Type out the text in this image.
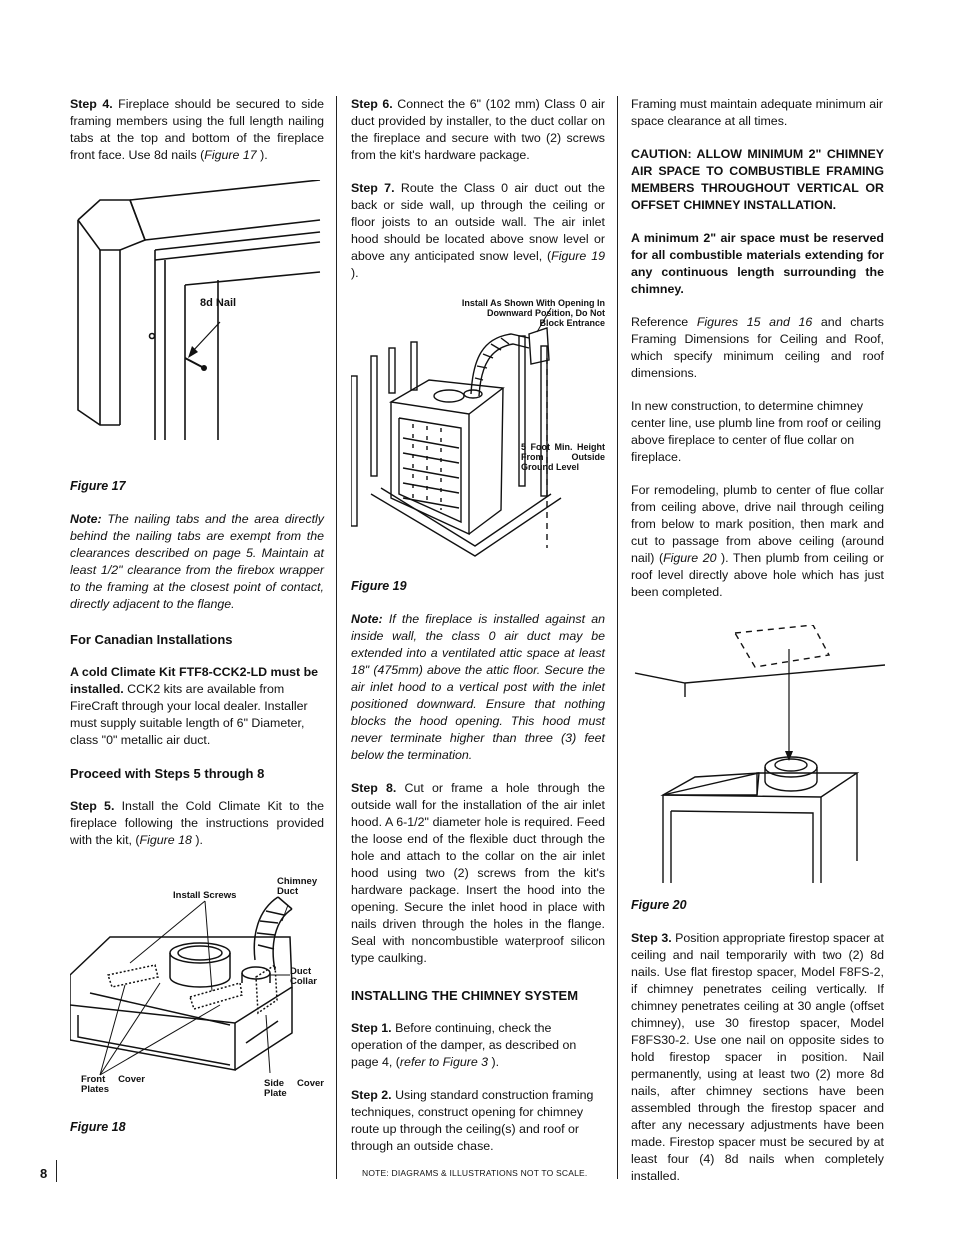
Step 4. Fireplace should be secured to side framing members using the full length nailing tabs at the top and bottom of the fireplace front face. Use 8d nails (Figure 17 ).

8d Nail

Figure 17

Note: The nailing tabs and the area directly behind the nailing tabs are exempt from the clearances described on page 5. Maintain at least 1/2" clearance from the firebox wrapper to the framing at the closest point of contact, directly adjacent to the flange.

For Canadian Installations

A cold Climate Kit FTF8-CCK2-LD must be installed. CCK2 kits are available from FireCraft through your local dealer. Installer must supply suitable length of 6" Diameter, class "0" metallic air duct.

Proceed with Steps 5 through 8

Step 5. Install the Cold Climate Kit to the fireplace following the instructions provided with the kit, (Figure 18 ).

Install Screws
Chimney Duct
Duct Collar
Front Cover Plates
Side Cover Plate

Figure 18

Step 6. Connect the 6" (102 mm) Class 0 air duct provided by installer, to the duct collar on the fireplace and secure with two (2) screws from the kit's hardware package.

Step 7. Route the Class 0 air duct out the back or side wall, up through the ceiling or floor joists to an outside wall. The air inlet hood should be located above snow level or above any anticipated snow level, (Figure 19 ).

Install As Shown With Opening In Downward Position, Do Not Block Entrance
5 Foot Min. Height From Outside Ground Level

Figure 19

Note: If the fireplace is installed against an inside wall, the class 0 air duct may be extended into a ventilated attic space at least 18" (475mm) above the attic floor. Secure the air inlet hood to a vertical post with the inlet positioned downward. Ensure that nothing blocks the hood opening. This hood must never terminate higher than three (3) feet below the termination.

Step 8. Cut or frame a hole through the outside wall for the installation of the air inlet hood. A 6-1/2" diameter hole is required. Feed the loose end of the flexible duct through the hole and attach to the collar on the air inlet hood using two (2) screws from the kit's hardware package. Insert the hood into the opening. Secure the inlet hood in place with nails driven through the holes in the flange. Seal with noncombustible waterproof silicon type caulking.

INSTALLING THE CHIMNEY SYSTEM

Step 1. Before continuing, check the operation of the damper, as described on page 4, (refer to Figure 3 ).

Step 2. Using standard construction framing techniques, construct opening for chimney route up through the ceiling(s) and roof or through an outside chase.

Framing must maintain adequate minimum air space clearance at all times.

CAUTION: ALLOW MINIMUM 2" CHIMNEY AIR SPACE TO COMBUSTIBLE FRAMING MEMBERS THROUGHOUT VERTICAL OR OFFSET CHIMNEY INSTALLATION.

A minimum 2" air space must be reserved for all combustible materials extending for any continuous length surrounding the chimney.

Reference Figures 15 and 16 and charts Framing Dimensions for Ceiling and Roof, which specify minimum ceiling and roof dimensions.

In new construction, to determine chimney center line, use plumb line from roof or ceiling above fireplace to center of flue collar on fireplace.

For remodeling, plumb to center of flue collar from ceiling above, drive nail through ceiling from below to mark position, then mark and cut to passage from above ceiling (around nail) (Figure 20 ). Then plumb from ceiling or roof level directly above hole which has just been completed.

Figure 20

Step 3. Position appropriate firestop spacer at ceiling and nail temporarily with two (2) 8d nails. Use flat firestop spacer, Model F8FS-2, if chimney penetrates ceiling vertically. If chimney penetrates ceiling at 30 angle (offset chimney), use 30 firestop spacer, Model F8FS30-2. Use one nail on opposite sides to hold firestop spacer in position. Nail permanently, using at least two (2) more 8d nails, after chimney sections have been assembled through the firestop spacer and after any necessary adjustments have been made. Firestop spacer must be secured by at least four (4) 8d nails when completely installed.

8	NOTE: DIAGRAMS & ILLUSTRATIONS NOT TO SCALE.
